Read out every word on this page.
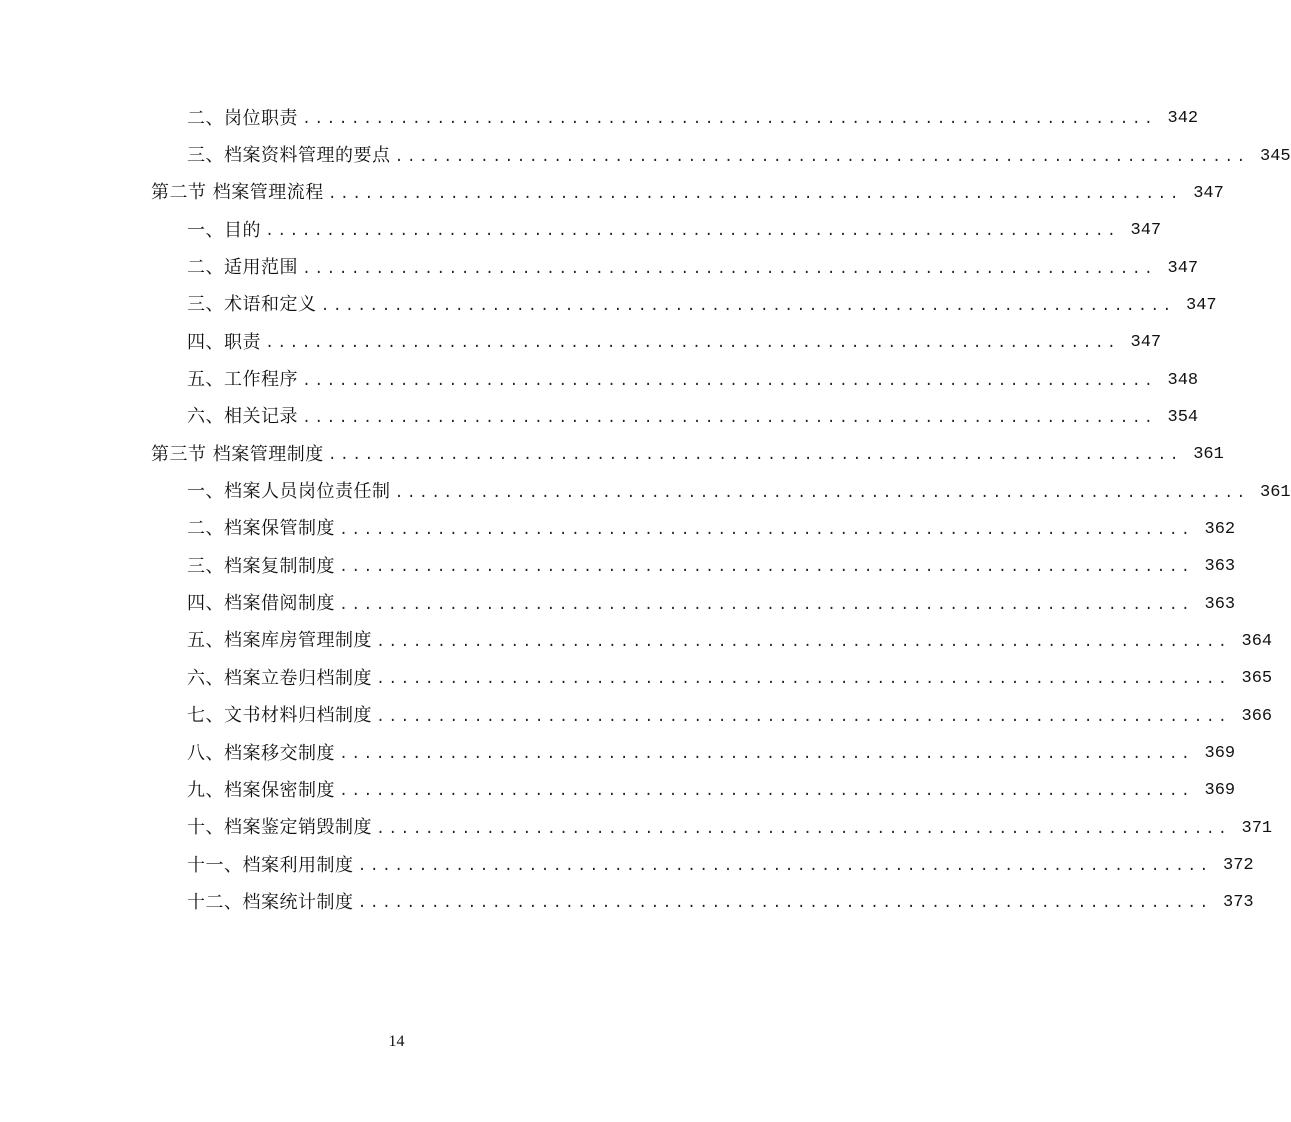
二、岗位职责 ...................................................................... 342
三、档案资料管理的要点 ...................................................................... 345
第二节 档案管理流程 ...................................................................... 347
一、目的 ...................................................................... 347
二、适用范围 ...................................................................... 347
三、术语和定义 ...................................................................... 347
四、职责 ...................................................................... 347
五、工作程序 ...................................................................... 348
六、相关记录 ...................................................................... 354
第三节 档案管理制度 ...................................................................... 361
一、档案人员岗位责任制 ...................................................................... 361
二、档案保管制度 ...................................................................... 362
三、档案复制制度 ...................................................................... 363
四、档案借阅制度 ...................................................................... 363
五、档案库房管理制度 ...................................................................... 364
六、档案立卷归档制度 ...................................................................... 365
七、文书材料归档制度 ...................................................................... 366
八、档案移交制度 ...................................................................... 369
九、档案保密制度 ...................................................................... 369
十、档案鉴定销毁制度 ...................................................................... 371
十一、档案利用制度 ...................................................................... 372
十二、档案统计制度 ...................................................................... 373
14
